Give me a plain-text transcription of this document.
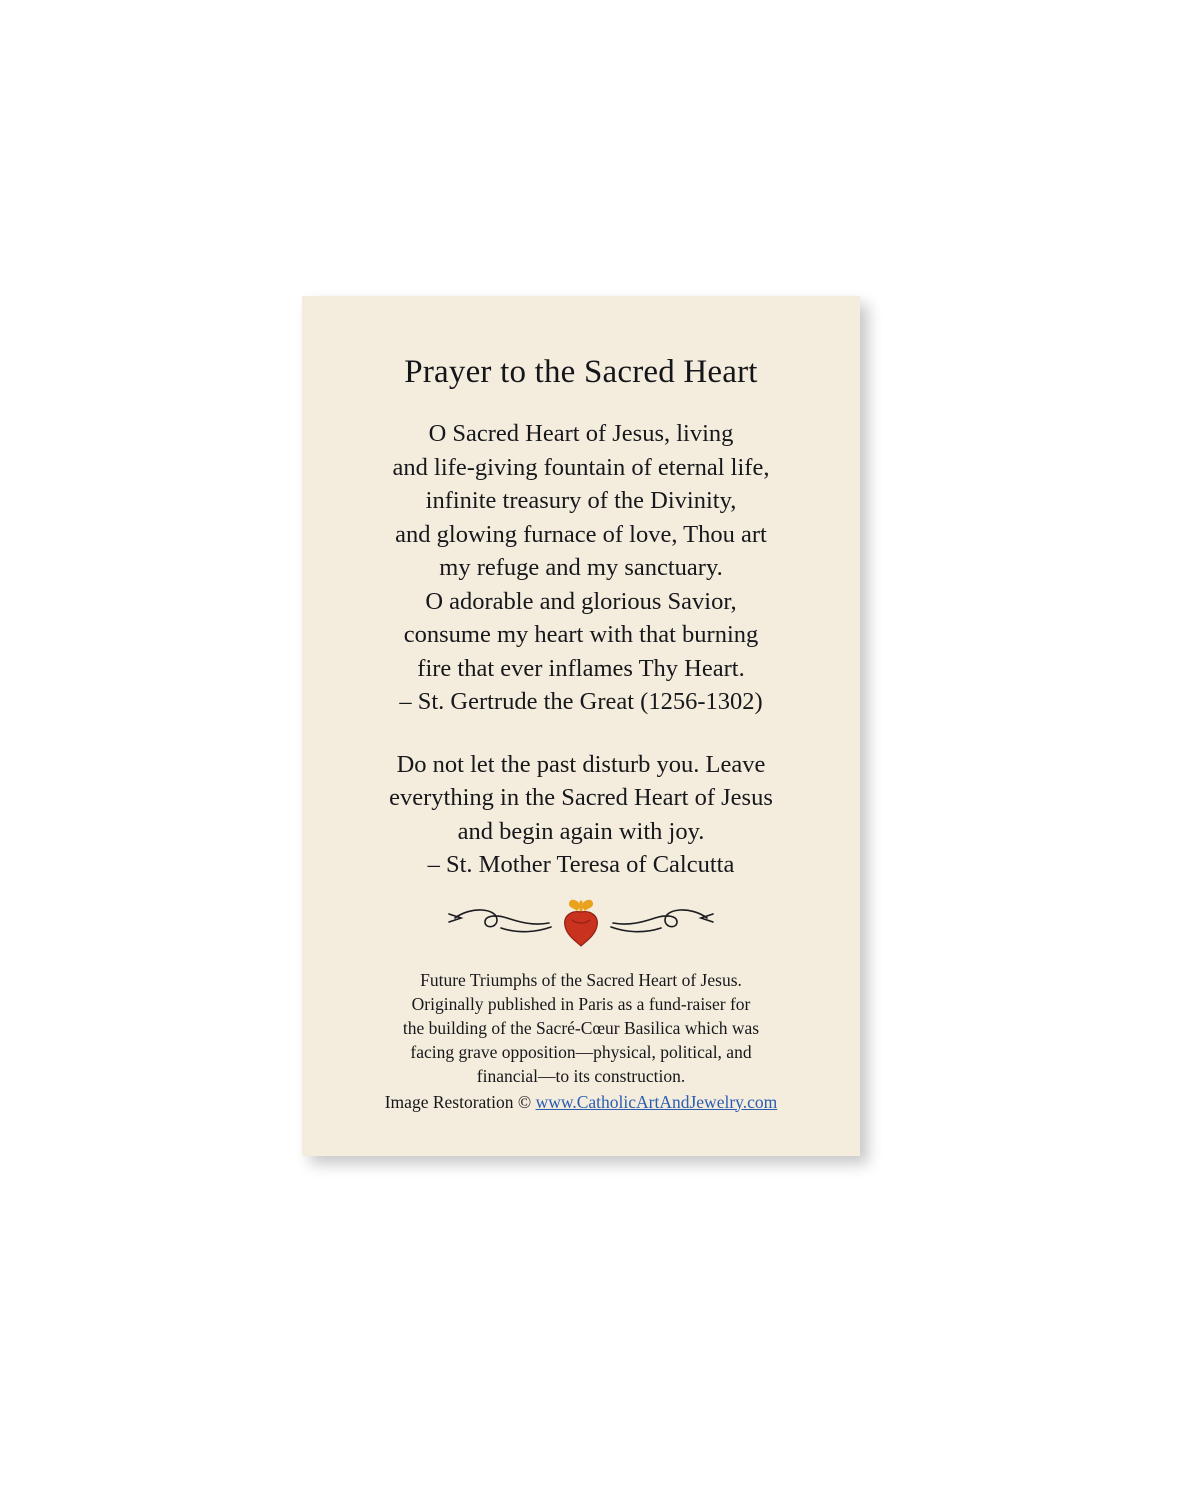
Prayer to the Sacred Heart
O Sacred Heart of Jesus, living
and life-giving fountain of eternal life,
infinite treasury of the Divinity,
and glowing furnace of love, Thou art
my refuge and my sanctuary.
O adorable and glorious Savior,
consume my heart with that burning
fire that ever inflames Thy Heart.
– St. Gertrude the Great (1256-1302)
Do not let the past disturb you. Leave
everything in the Sacred Heart of Jesus
and begin again with joy.
– St. Mother Teresa of Calcutta
Future Triumphs of the Sacred Heart of Jesus.
Originally published in Paris as a fund-raiser for
the building of the Sacré-Cœur Basilica which was
facing grave opposition—physical, political, and
financial—to its construction.
Image Restoration © www.CatholicArtAndJewelry.com
